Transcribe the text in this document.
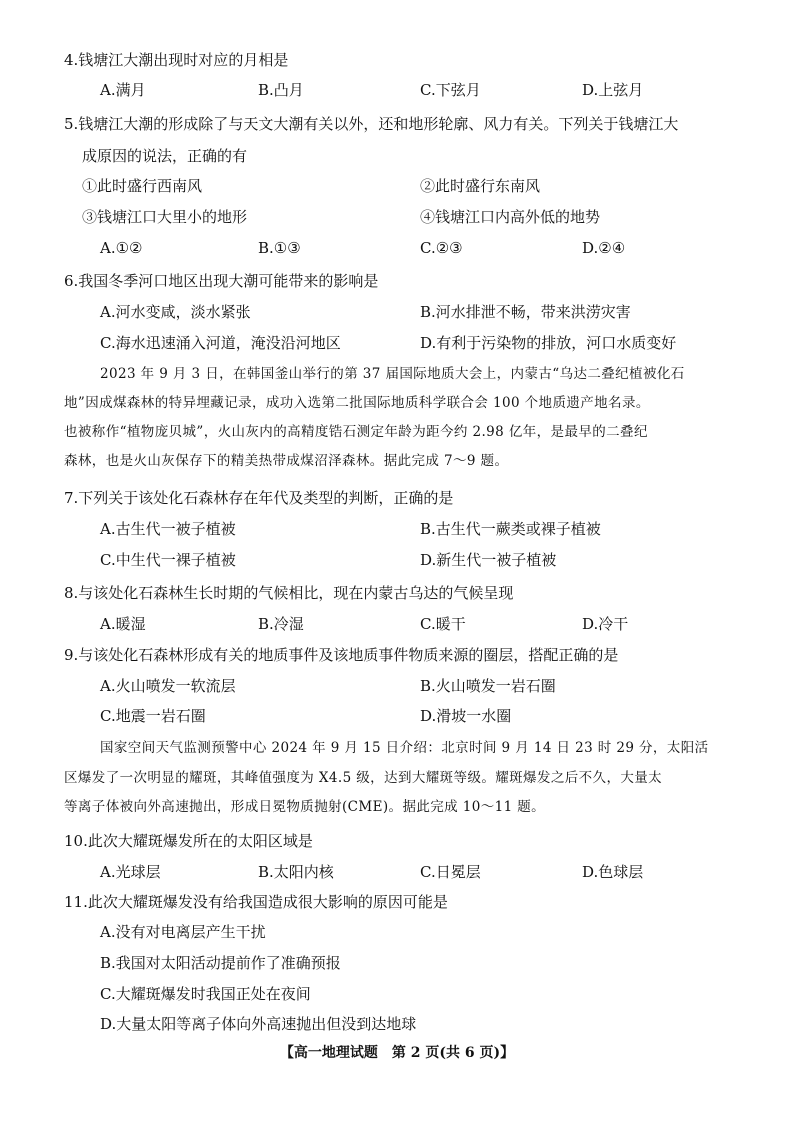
4.钱塘江大潮出现时对应的月相是
A.满月	B.凸月	C.下弦月	D.上弦月
5.钱塘江大潮的形成除了与天文大潮有关以外，还和地形轮廓、风力有关。下列关于钱塘江大
成原因的说法，正确的有
①此时盛行西南风	②此时盛行东南风
③钱塘江口大里小的地形	④钱塘江口内高外低的地势
A.①②	B.①③	C.②③	D.②④
6.我国冬季河口地区出现大潮可能带来的影响是
A.河水变咸，淡水紧张	B.河水排泄不畅，带来洪涝灾害
C.海水迅速涌入河道，淹没沿河地区	D.有利于污染物的排放，河口水质变好
2023 年 9 月 3 日，在韩国釜山举行的第 37 届国际地质大会上，内蒙古“乌达二叠纪植被化石
地”因成煤森林的特异埋藏记录，成功入选第二批国际地质科学联合会 100 个地质遗产地名录。
也被称作“植物庞贝城”，火山灰内的高精度锆石测定年龄为距今约 2.98 亿年，是最早的二叠纪
森林，也是火山灰保存下的精美热带成煤沼泽森林。据此完成 7～9 题。
7.下列关于该处化石森林存在年代及类型的判断，正确的是
A.古生代一被子植被	B.古生代一蕨类或裸子植被
C.中生代一裸子植被	D.新生代一被子植被
8.与该处化石森林生长时期的气候相比，现在内蒙古乌达的气候呈现
A.暖湿	B.冷湿	C.暖干	D.冷干
9.与该处化石森林形成有关的地质事件及该地质事件物质来源的圈层，搭配正确的是
A.火山喷发一软流层	B.火山喷发一岩石圈
C.地震一岩石圈	D.滑坡一水圈
国家空间天气监测预警中心 2024 年 9 月 15 日介绍：北京时间 9 月 14 日 23 时 29 分，太阳活
区爆发了一次明显的耀斑，其峰值强度为 X4.5 级，达到大耀斑等级。耀斑爆发之后不久，大量太
等离子体被向外高速抛出，形成日冕物质抛射(CME)。据此完成 10～11 题。
10.此次大耀斑爆发所在的太阳区域是
A.光球层	B.太阳内核	C.日冕层	D.色球层
11.此次大耀斑爆发没有给我国造成很大影响的原因可能是
A.没有对电离层产生干扰
B.我国对太阳活动提前作了准确预报
C.大耀斑爆发时我国正处在夜间
D.大量太阳等离子体向外高速抛出但没到达地球
【高一地理试题　第 2 页(共 6 页)】
